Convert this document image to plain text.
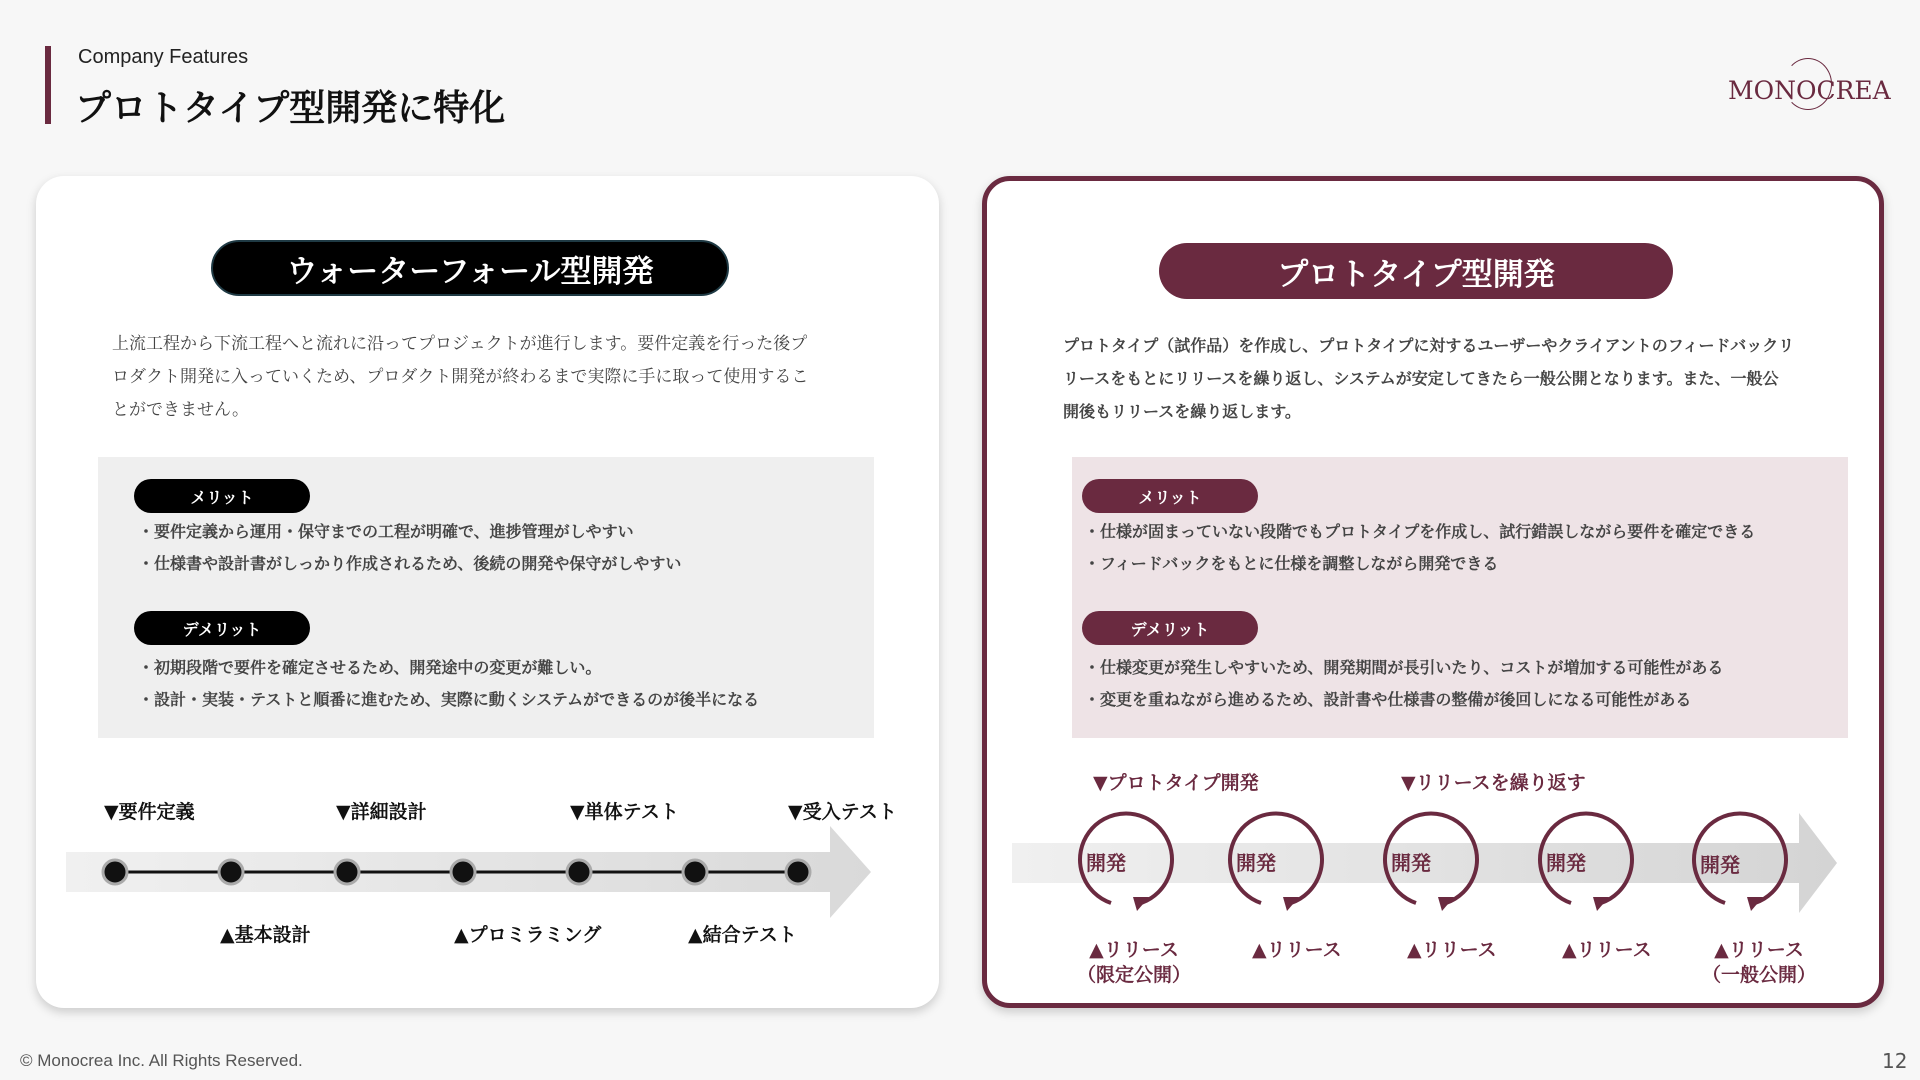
Company Features
プロトタイプ型開発に特化	MONOCREA
ウォーターフォール型開発
上流工程から下流工程へと流れに沿ってプロジェクトが進行します。要件定義を行った後プ
ロダクト開発に入っていくため、プロダクト開発が終わるまで実際に手に取って使用するこ
とができません。
メリット
・要件定義から運用・保守までの工程が明確で、進捗管理がしやすい
・仕様書や設計書がしっかり作成されるため、後続の開発や保守がしやすい
デメリット
・初期段階で要件を確定させるため、開発途中の変更が難しい。
・設計・実装・テストと順番に進むため、実際に動くシステムができるのが後半になる
▼要件定義	▼詳細設計	▼単体テスト	▼受入テスト
▲基本設計	▲プロミラミング	▲結合テスト
プロトタイプ型開発
プロトタイプ（試作品）を作成し、プロトタイプに対するユーザーやクライアントのフィードバックリ
リースをもとにリリースを繰り返し、システムが安定してきたら一般公開となります。また、一般公
開後もリリースを繰り返します。
メリット
・仕様が固まっていない段階でもプロトタイプを作成し、試行錯誤しながら要件を確定できる
・フィードバックをもとに仕様を調整しながら開発できる
デメリット
・仕様変更が発生しやすいため、開発期間が長引いたり、コストが増加する可能性がある
・変更を重ねながら進めるため、設計書や仕様書の整備が後回しになる可能性がある
▼プロトタイプ開発	▼リリースを繰り返す
開発	開発	開発	開発	開発
▲リリース
（限定公開）
▲リリース	▲リリース	▲リリース	▲リリース
（一般公開）
© Monocrea Inc. All Rights Reserved.	12
